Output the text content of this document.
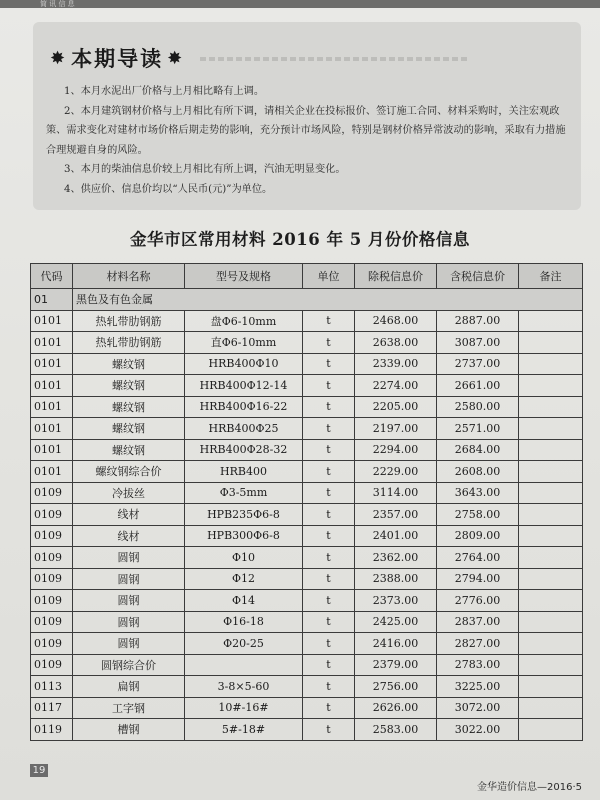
简 讯 信 息
✸ 本期导读 ✸

1、本月水泥出厂价格与上月相比略有上调。

2、本月建筑钢材价格与上月相比有所下调，请相关企业在投标报价、签订施工合同、材料采购时，关注宏观政策、需求变化对建材市场价格后期走势的影响，充分预计市场风险，特别是钢材价格异常波动的影响，采取有力措施合理规避自身的风险。

3、本月的柴油信息价较上月相比有所上调，汽油无明显变化。

4、供应价、信息价均以“人民币(元)”为单位。

金华市区常用材料 2016 年 5 月份价格信息
代码	材料名称	型号及规格	单位	除税信息价	含税信息价	备注
01	黑色及有色金属					
0101	热轧带肋钢筋	盘Φ6-10mm	t	2468.00	2887.00	
0101	热轧带肋钢筋	直Φ6-10mm	t	2638.00	3087.00	
0101	螺纹钢	HRB400Φ10	t	2339.00	2737.00	
0101	螺纹钢	HRB400Φ12-14	t	2274.00	2661.00	
0101	螺纹钢	HRB400Φ16-22	t	2205.00	2580.00	
0101	螺纹钢	HRB400Φ25	t	2197.00	2571.00	
0101	螺纹钢	HRB400Φ28-32	t	2294.00	2684.00	
0101	螺纹钢综合价	HRB400	t	2229.00	2608.00	
0109	冷拔丝	Φ3-5mm	t	3114.00	3643.00	
0109	线材	HPB235Φ6-8	t	2357.00	2758.00	
0109	线材	HPB300Φ6-8	t	2401.00	2809.00	
0109	圆钢	Φ10	t	2362.00	2764.00	
0109	圆钢	Φ12	t	2388.00	2794.00	
0109	圆钢	Φ14	t	2373.00	2776.00	
0109	圆钢	Φ16-18	t	2425.00	2837.00	
0109	圆钢	Φ20-25	t	2416.00	2827.00	
0109	圆钢综合价		t	2379.00	2783.00	
0113	扁钢	3-8×5-60	t	2756.00	3225.00	
0117	工字钢	10#-16#	t	2626.00	3072.00	
0119	槽钢	5#-18#	t	2583.00	3022.00	
19
金华造价信息—2016·5
